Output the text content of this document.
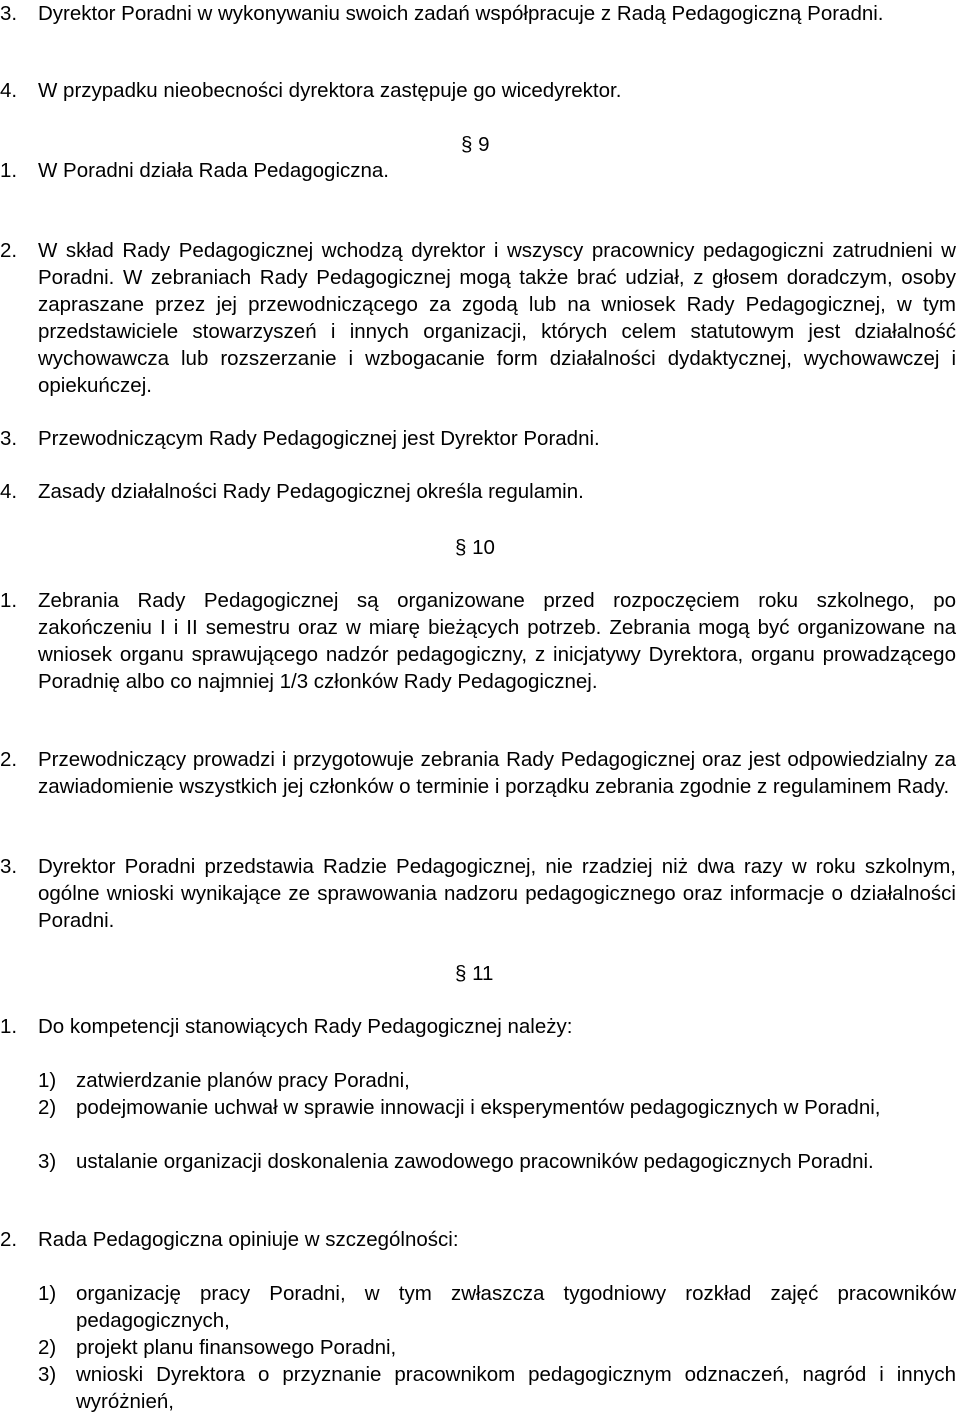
3. Dyrektor Poradni w wykonywaniu swoich zadań współpracuje z Radą Pedagogiczną Poradni.
4. W przypadku nieobecności dyrektora zastępuje go wicedyrektor.
§ 9
1. W Poradni działa Rada Pedagogiczna.
2. W skład Rady Pedagogicznej wchodzą dyrektor i wszyscy pracownicy pedagogiczni zatrudnieni w Poradni. W zebraniach Rady Pedagogicznej mogą także brać udział, z głosem doradczym, osoby zapraszane przez jej przewodniczącego za zgodą lub na wniosek Rady Pedagogicznej, w tym przedstawiciele stowarzyszeń i innych organizacji, których celem statutowym jest działalność wychowawcza lub rozszerzanie i wzbogacanie form działalności dydaktycznej, wychowawczej i opiekuńczej.
3. Przewodniczącym Rady Pedagogicznej jest Dyrektor Poradni.
4. Zasady działalności Rady Pedagogicznej określa regulamin.
§ 10
1. Zebrania Rady Pedagogicznej są organizowane przed rozpoczęciem roku szkolnego, po zakończeniu I i II semestru oraz w miarę bieżących potrzeb. Zebrania mogą być organizowane na wniosek organu sprawującego nadzór pedagogiczny, z inicjatywy Dyrektora, organu prowadzącego Poradnię albo co najmniej 1/3 członków Rady Pedagogicznej.
2. Przewodniczący prowadzi i przygotowuje zebrania Rady Pedagogicznej oraz jest odpowiedzialny za zawiadomienie wszystkich jej członków o terminie i porządku zebrania zgodnie z regulaminem Rady.
3. Dyrektor Poradni przedstawia Radzie Pedagogicznej, nie rzadziej niż dwa razy w roku szkolnym, ogólne wnioski wynikające ze sprawowania nadzoru pedagogicznego oraz informacje o działalności Poradni.
§ 11
1. Do kompetencji stanowiących Rady Pedagogicznej należy:
1) zatwierdzanie planów pracy Poradni,
2) podejmowanie uchwał w sprawie innowacji i eksperymentów pedagogicznych w Poradni,
3) ustalanie organizacji doskonalenia zawodowego pracowników pedagogicznych Poradni.
2. Rada Pedagogiczna opiniuje w szczególności:
1) organizację pracy Poradni, w tym zwłaszcza tygodniowy rozkład zajęć pracowników pedagogicznych,
2) projekt planu finansowego Poradni,
3) wnioski Dyrektora o przyznanie pracownikom pedagogicznym odznaczeń, nagród i innych wyróżnień,
